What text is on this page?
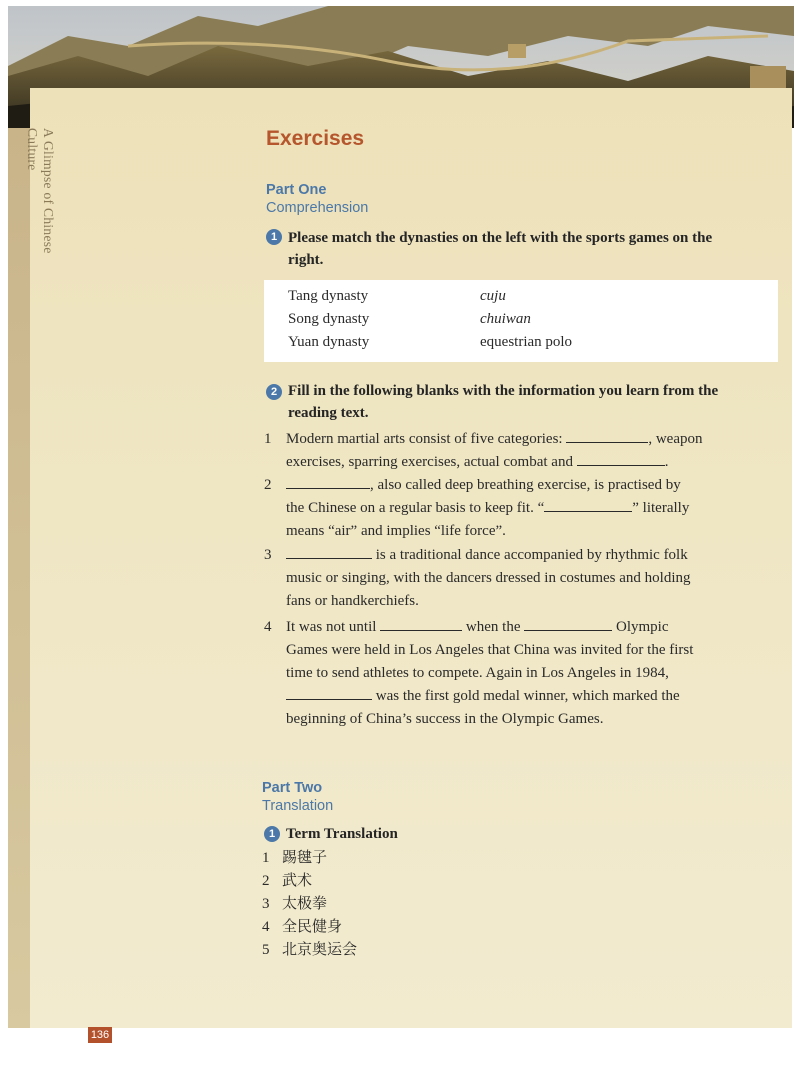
A Glimpse of Chinese Culture	Exercises
Part One
Comprehension
1 Please match the dynasties on the left with the sports games on the
right.
Tang dynasty	cuju
Song dynasty	chuiwan
Yuan dynasty	equestrian polo
2 Fill in the following blanks with the information you learn from the
reading text.
1 Modern martial arts consist of five categories:	, weapon
exercises, sparring exercises, actual combat and	.
2	, also called deep breathing exercise, is practised by
the Chinese on a regular basis to keep fit. “	” literally
means “air” and implies “life force”.
3	is a traditional dance accompanied by rhythmic folk
music or singing, with the dancers dressed in costumes and holding
fans or handkerchiefs.
4 It was not until	when the	Olympic
Games were held in Los Angeles that China was invited for the first
time to send athletes to compete. Again in Los Angeles in 1984,
was the first gold medal winner, which marked the
beginning of China’s success in the Olympic Games.
Part Two
Translation
1 Term Translation
1 踢毽子
2 武术
3 太极拳
4 全民健身
5 北京奥运会
136
